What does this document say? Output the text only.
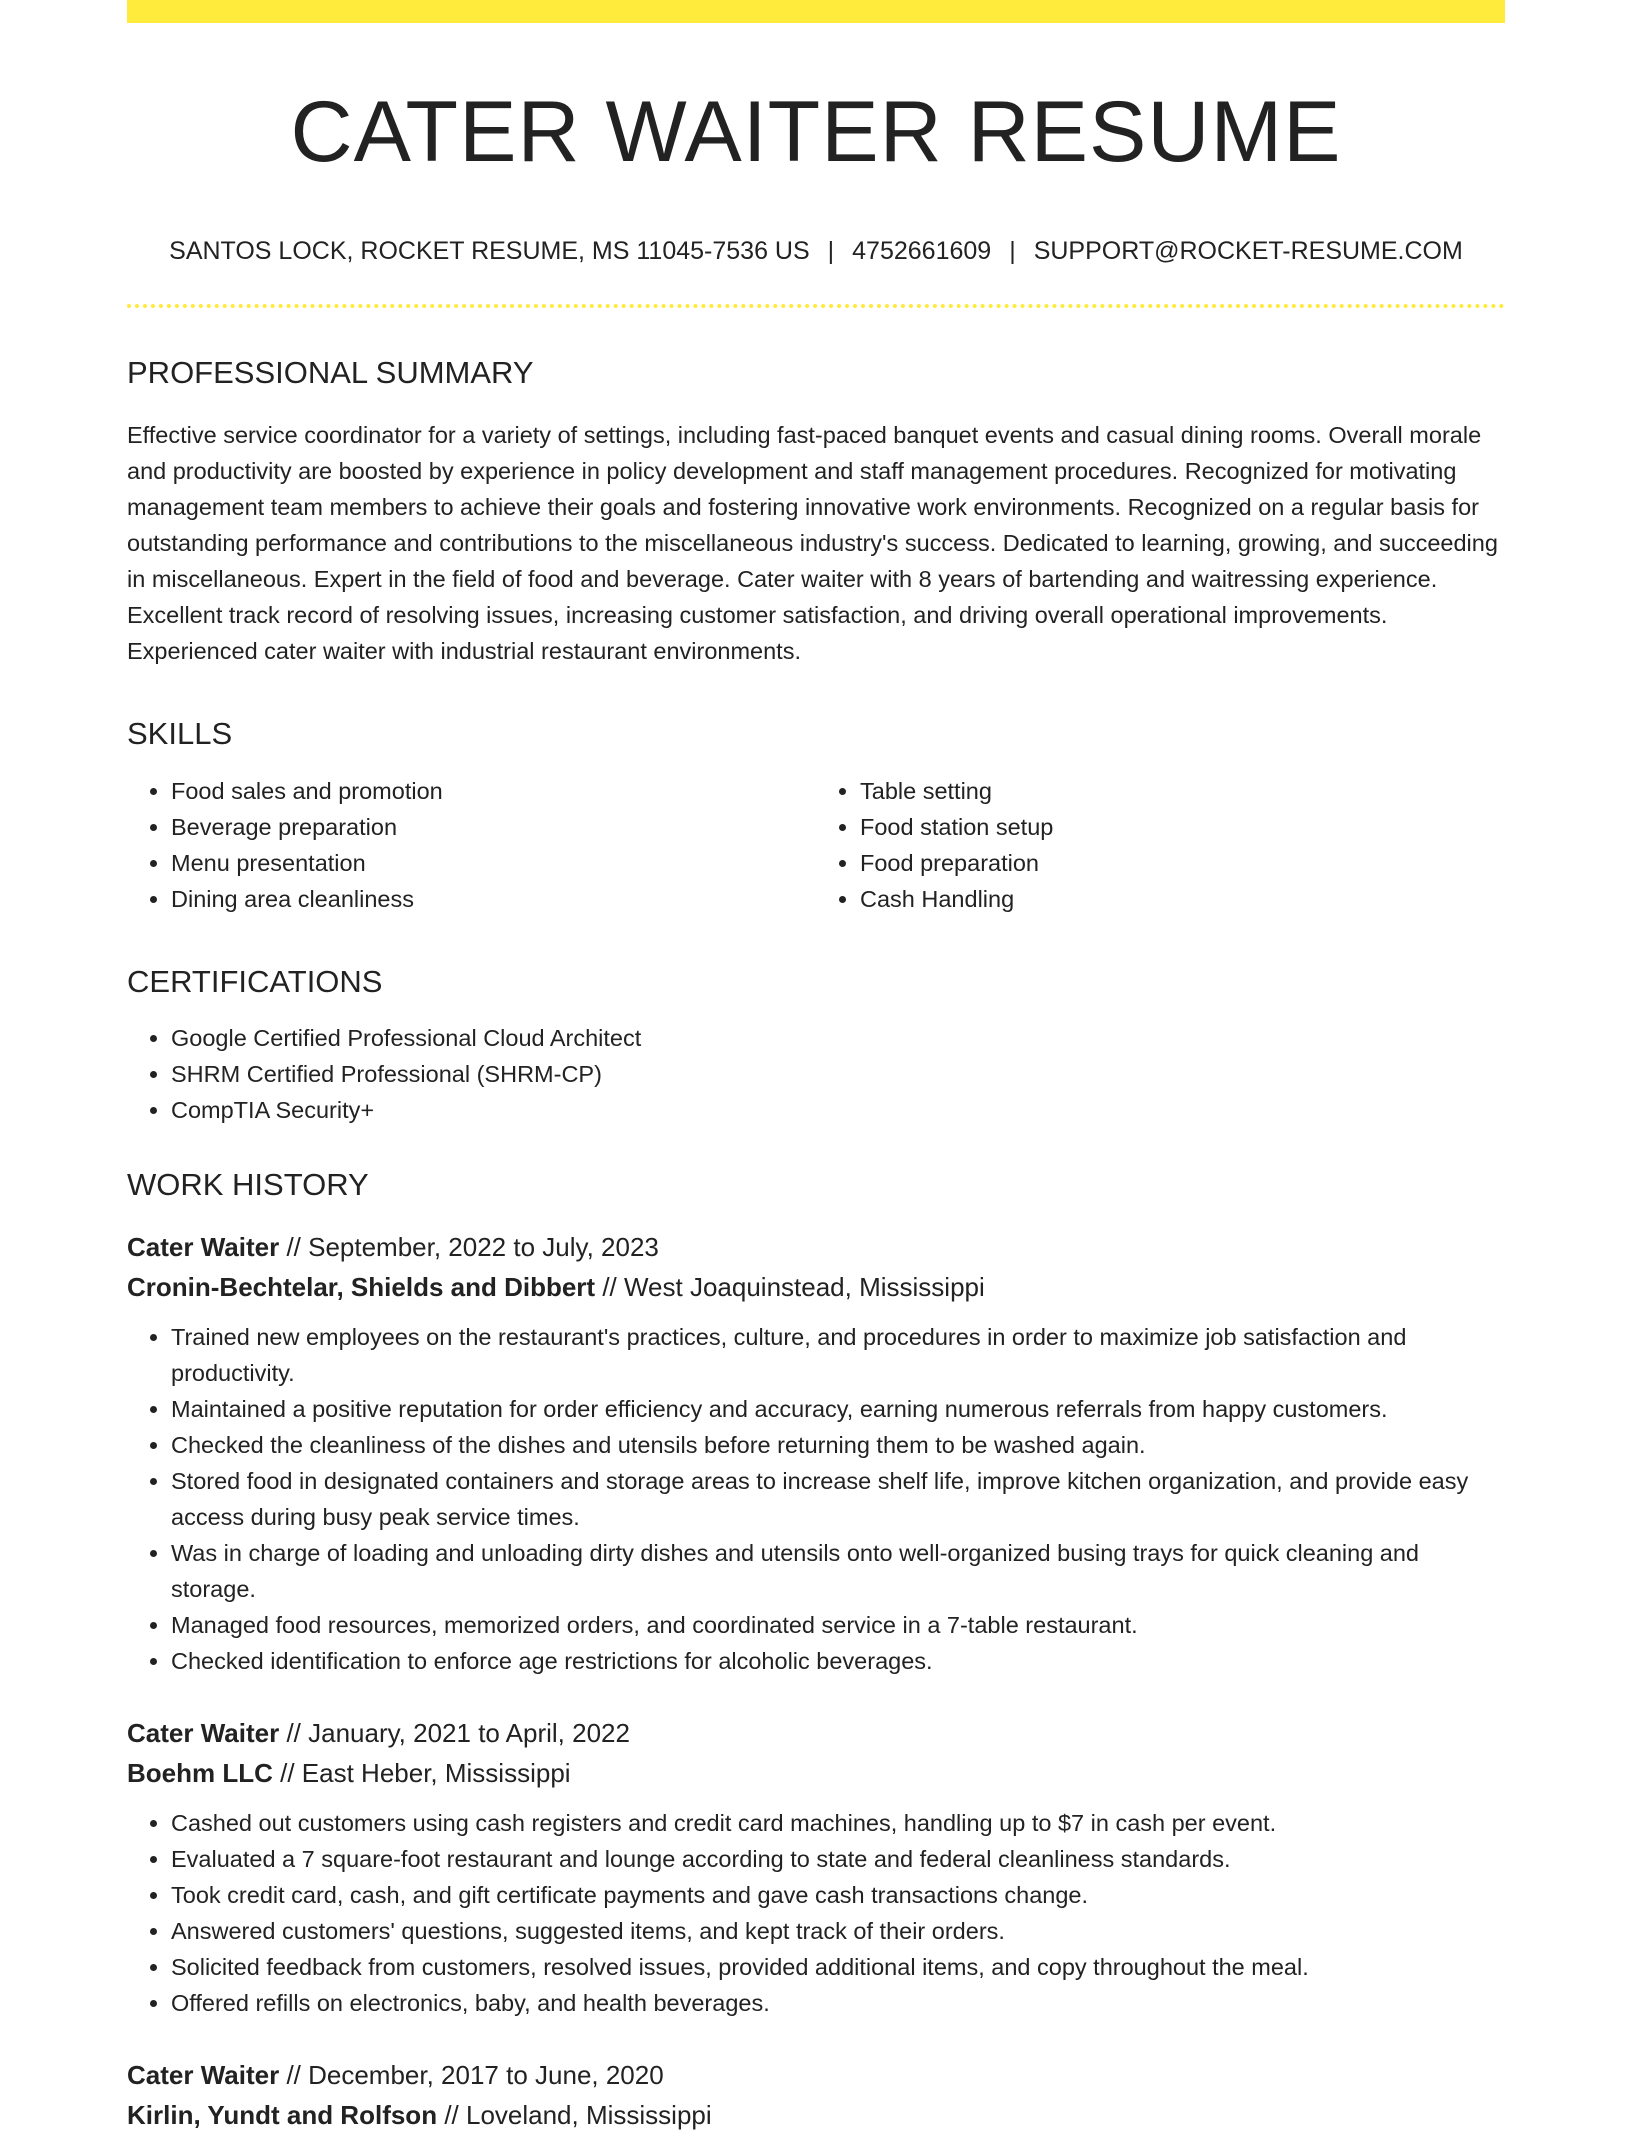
CATER WAITER RESUME
SANTOS LOCK, ROCKET RESUME, MS 11045-7536 US | 4752661609 | SUPPORT@ROCKET-RESUME.COM
PROFESSIONAL SUMMARY
Effective service coordinator for a variety of settings, including fast-paced banquet events and casual dining rooms. Overall morale and productivity are boosted by experience in policy development and staff management procedures. Recognized for motivating management team members to achieve their goals and fostering innovative work environments. Recognized on a regular basis for outstanding performance and contributions to the miscellaneous industry's success. Dedicated to learning, growing, and succeeding in miscellaneous. Expert in the field of food and beverage. Cater waiter with 8 years of bartending and waitressing experience. Excellent track record of resolving issues, increasing customer satisfaction, and driving overall operational improvements. Experienced cater waiter with industrial restaurant environments.
SKILLS
• Food sales and promotion
• Beverage preparation
• Menu presentation
• Dining area cleanliness
• Table setting
• Food station setup
• Food preparation
• Cash Handling
CERTIFICATIONS
• Google Certified Professional Cloud Architect
• SHRM Certified Professional (SHRM-CP)
• CompTIA Security+
WORK HISTORY
Cater Waiter // September, 2022 to July, 2023
Cronin-Bechtelar, Shields and Dibbert // West Joaquinstead, Mississippi
• Trained new employees on the restaurant's practices, culture, and procedures in order to maximize job satisfaction and productivity.
• Maintained a positive reputation for order efficiency and accuracy, earning numerous referrals from happy customers.
• Checked the cleanliness of the dishes and utensils before returning them to be washed again.
• Stored food in designated containers and storage areas to increase shelf life, improve kitchen organization, and provide easy access during busy peak service times.
• Was in charge of loading and unloading dirty dishes and utensils onto well-organized busing trays for quick cleaning and storage.
• Managed food resources, memorized orders, and coordinated service in a 7-table restaurant.
• Checked identification to enforce age restrictions for alcoholic beverages.
Cater Waiter // January, 2021 to April, 2022
Boehm LLC // East Heber, Mississippi
• Cashed out customers using cash registers and credit card machines, handling up to $7 in cash per event.
• Evaluated a 7 square-foot restaurant and lounge according to state and federal cleanliness standards.
• Took credit card, cash, and gift certificate payments and gave cash transactions change.
• Answered customers' questions, suggested items, and kept track of their orders.
• Solicited feedback from customers, resolved issues, provided additional items, and copy throughout the meal.
• Offered refills on electronics, baby, and health beverages.
Cater Waiter // December, 2017 to June, 2020
Kirlin, Yundt and Rolfson // Loveland, Mississippi
